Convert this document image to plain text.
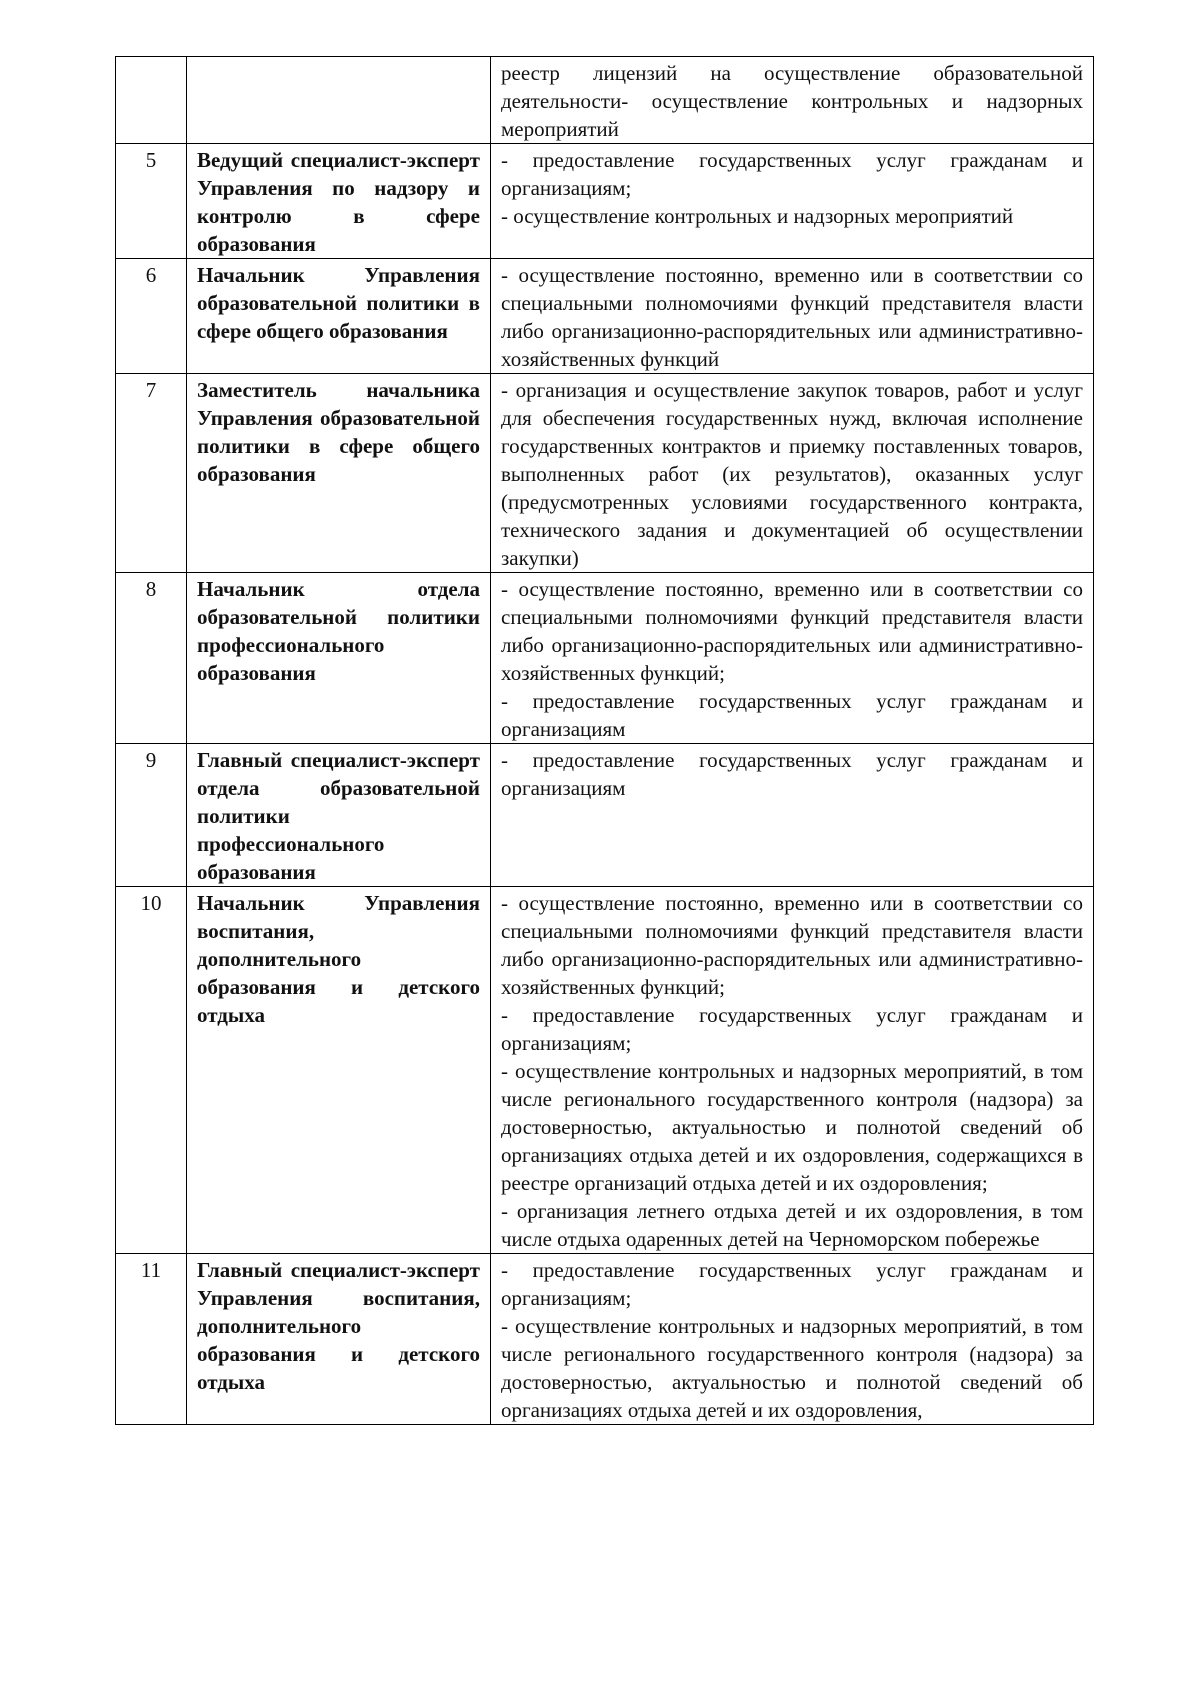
		реестр лицензий на осуществление образовательной деятельности- осуществление контрольных и надзорных мероприятий

5	Ведущий специалист-эксперт Управления по надзору и контролю в сфере образования	- предоставление государственных услуг гражданам и организациям;
- осуществление контрольных и надзорных мероприятий

6	Начальник Управления образовательной политики в сфере общего образования	- осуществление постоянно, временно или в соответствии со специальными полномочиями функций представителя власти либо организационно-распорядительных или административно-хозяйственных функций

7	Заместитель начальника Управления образовательной политики в сфере общего образования	- организация и осуществление закупок товаров, работ и услуг для обеспечения государственных нужд, включая исполнение государственных контрактов и приемку поставленных товаров, выполненных работ (их результатов), оказанных услуг (предусмотренных условиями государственного контракта, технического задания и документацией об осуществлении закупки)

8	Начальник отдела образовательной политики профессионального образования	- осуществление постоянно, временно или в соответствии со специальными полномочиями функций представителя власти либо организационно-распорядительных или административно-хозяйственных функций;
- предоставление государственных услуг гражданам и организациям

9	Главный специалист-эксперт отдела образовательной политики профессионального образования	- предоставление государственных услуг гражданам и организациям

10	Начальник Управления воспитания, дополнительного образования и детского отдыха	- осуществление постоянно, временно или в соответствии со специальными полномочиями функций представителя власти либо организационно-распорядительных или административно-хозяйственных функций;
- предоставление государственных услуг гражданам и организациям;
- осуществление контрольных и надзорных мероприятий, в том числе регионального государственного контроля (надзора) за достоверностью, актуальностью и полнотой сведений об организациях отдыха детей и их оздоровления, содержащихся в реестре организаций отдыха детей и их оздоровления;
- организация летнего отдыха детей и их оздоровления, в том числе отдыха одаренных детей на Черноморском побережье

11	Главный специалист-эксперт Управления воспитания, дополнительного образования и детского отдыха	- предоставление государственных услуг гражданам и организациям;
- осуществление контрольных и надзорных мероприятий, в том числе регионального государственного контроля (надзора) за достоверностью, актуальностью и полнотой сведений об организациях отдыха детей и их оздоровления,
